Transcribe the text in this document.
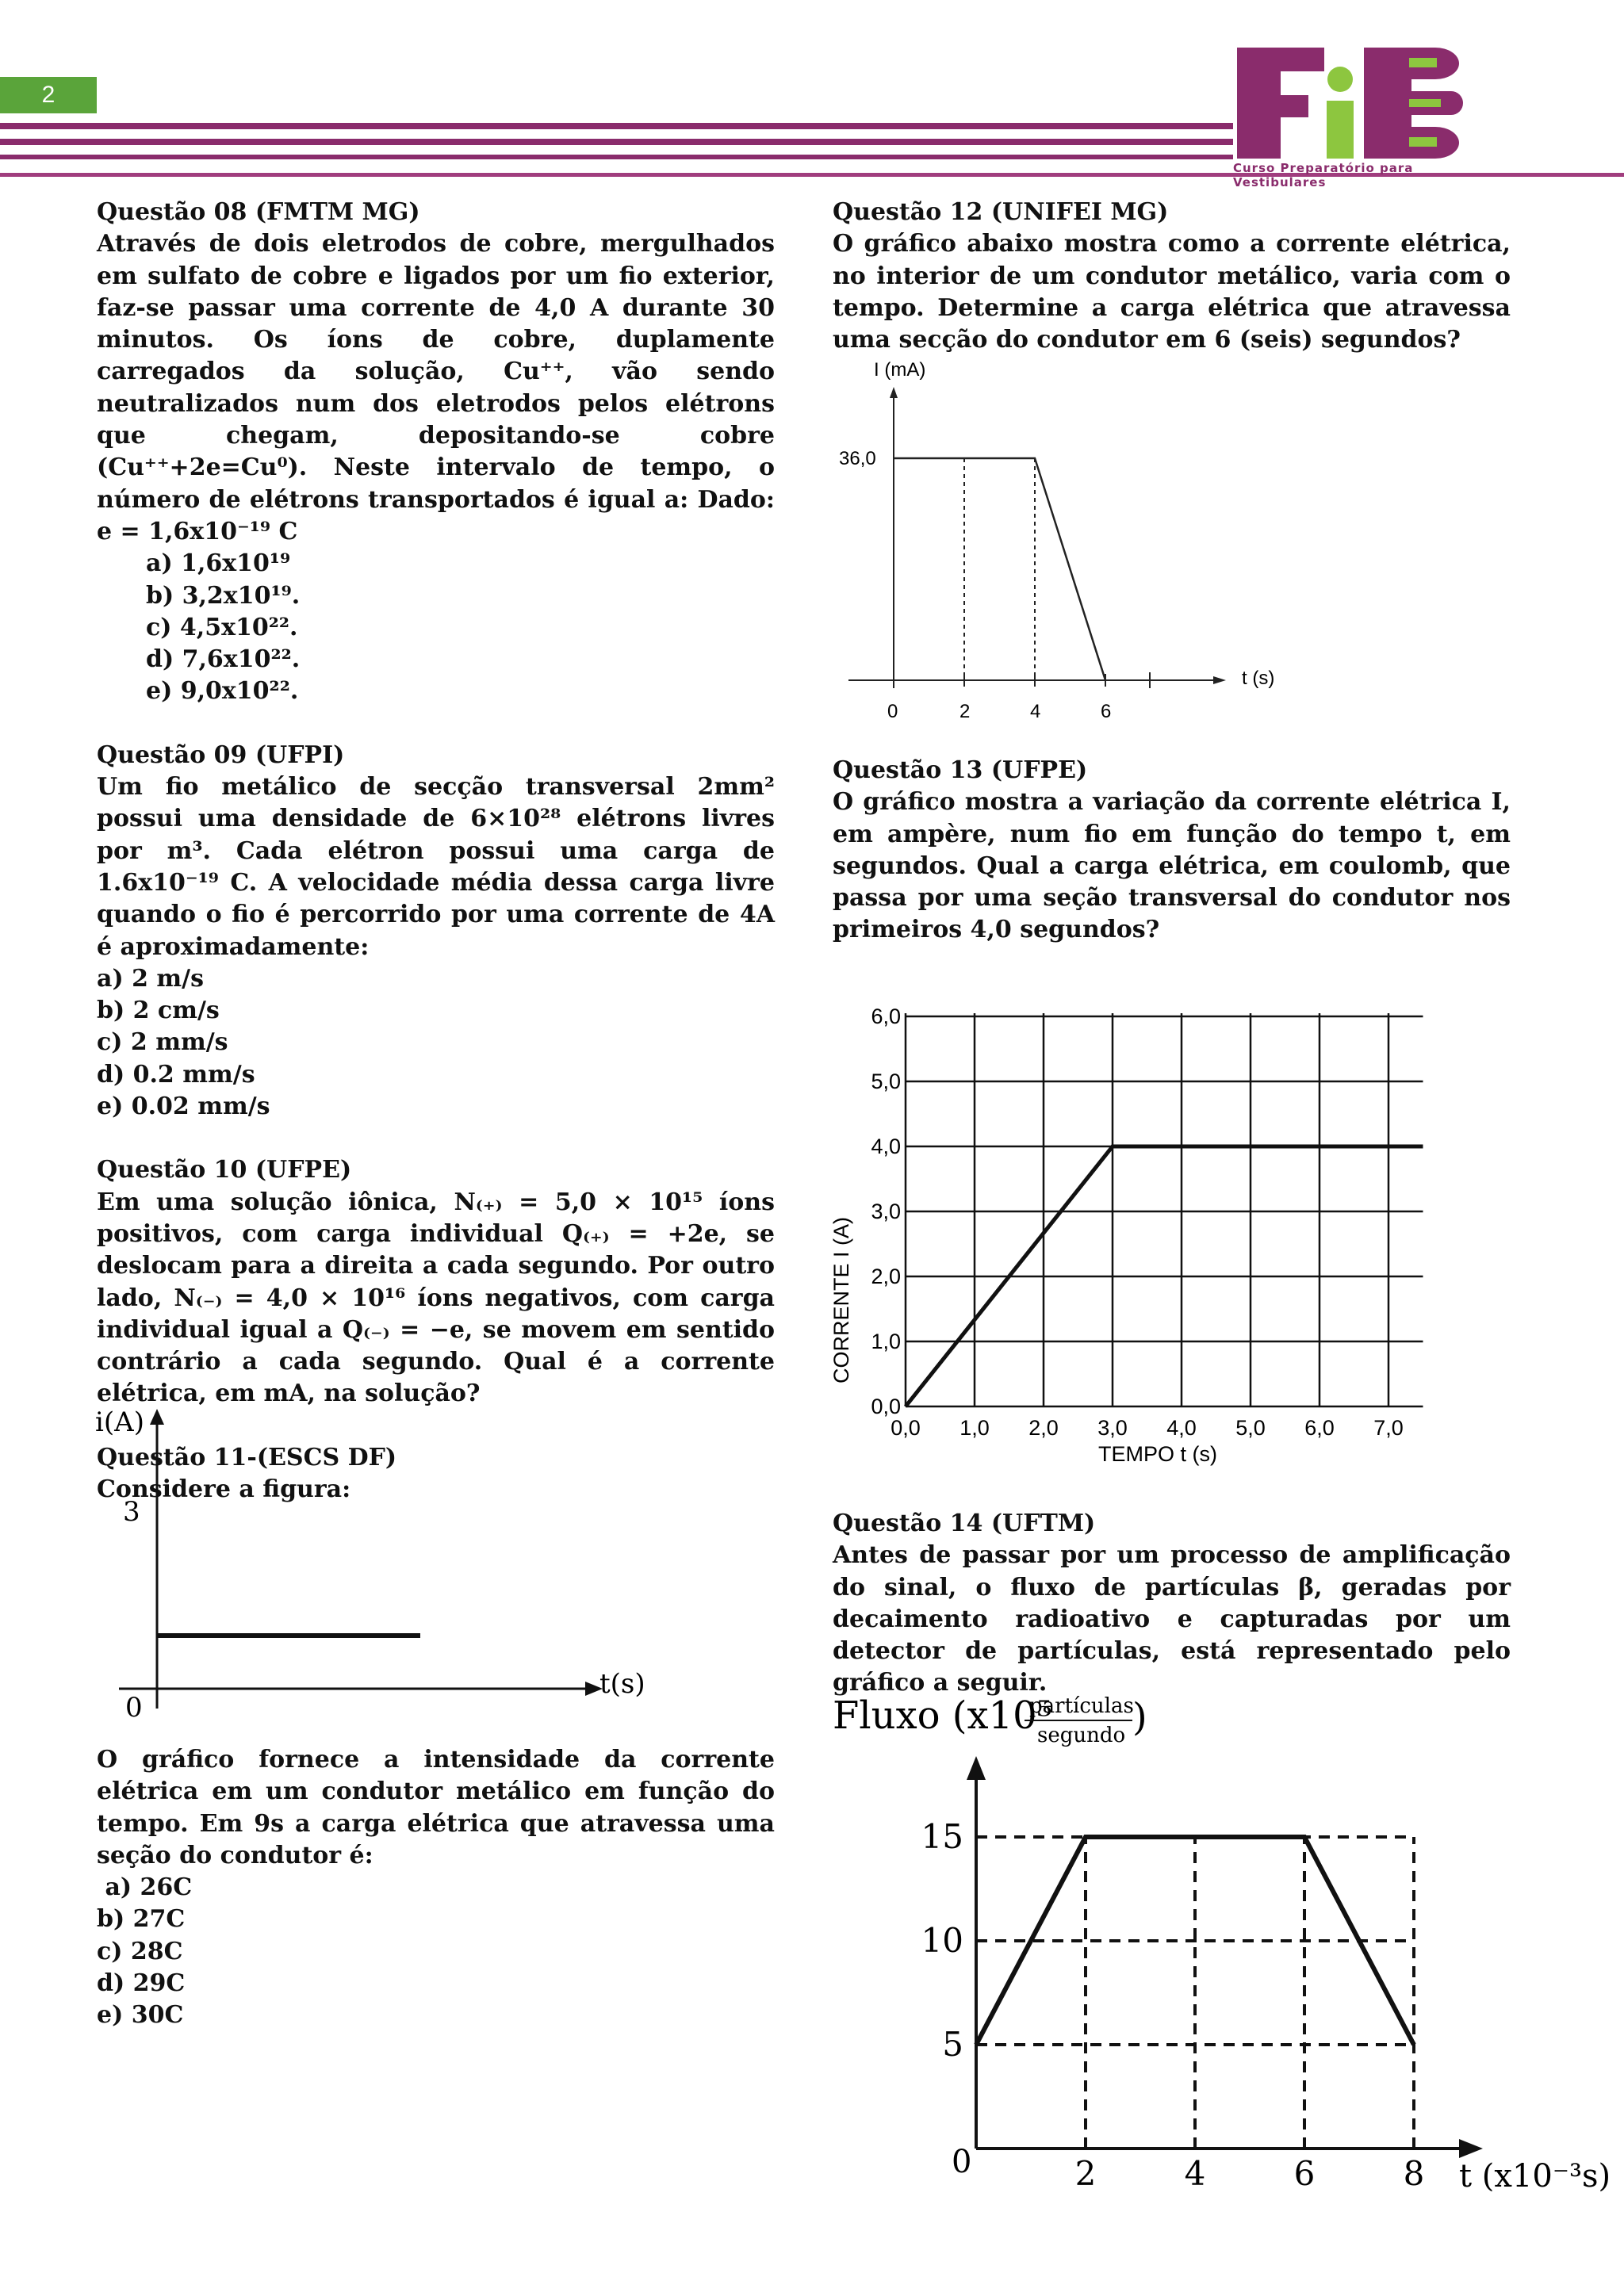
2
Curso Preparatório para Vestibulares
Questão 08 (FMTM MG)
Através de dois eletrodos de cobre, mergulhados em sulfato de cobre e ligados por um fio exterior, faz-se passar uma corrente de 4,0 A durante 30 minutos. Os íons de cobre, duplamente carregados da solução, Cu⁺⁺, vão sendo neutralizados num dos eletrodos pelos elétrons que chegam, depositando-se cobre (Cu⁺⁺+2e=Cu⁰). Neste intervalo de tempo, o número de elétrons transportados é igual a: Dado: e = 1,6x10⁻¹⁹ C
a) 1,6x10¹⁹
b) 3,2x10¹⁹.
c) 4,5x10²².
d) 7,6x10²².
e) 9,0x10²².
Questão 09 (UFPI)
Um fio metálico de secção transversal 2mm² possui uma densidade de 6×10²⁸ elétrons livres por m³. Cada elétron possui uma carga de 1.6x10⁻¹⁹ C. A velocidade média dessa carga livre quando o fio é percorrido por uma corrente de 4A é aproximadamente:
a) 2 m/s
b) 2 cm/s
c) 2 mm/s
d) 0.2 mm/s
e) 0.02 mm/s
Questão 10 (UFPE)
Em uma solução iônica, N₍₊₎ = 5,0 × 10¹⁵ íons positivos, com carga individual Q₍₊₎ = +2e, se deslocam para a direita a cada segundo. Por outro lado, N₍₋₎ = 4,0 × 10¹⁶ íons negativos, com carga individual igual a Q₍₋₎ = −e, se movem em sentido contrário a cada segundo. Qual é a corrente elétrica, em mA, na solução?
Questão 11-(ESCS DF)
Considere a figura:
i(A)
3
0
t(s)
O gráfico fornece a intensidade da corrente elétrica em um condutor metálico em função do tempo. Em 9s a carga elétrica que atravessa uma seção do condutor é:
a) 26C
b) 27C
c) 28C
d) 29C
e) 30C
Questão 12 (UNIFEI MG)
O gráfico abaixo mostra como a corrente elétrica, no interior de um condutor metálico, varia com o tempo. Determine a carga elétrica que atravessa uma secção do condutor em 6 (seis) segundos?
I (mA)
t (s)
0	2	4	6
36,0
Questão 13 (UFPE)
O gráfico mostra a variação da corrente elétrica I, em ampère, num fio em função do tempo t, em segundos. Qual a carga elétrica, em coulomb, que passa por uma seção transversal do condutor nos primeiros 4,0 segundos?
0,0
1,0
2,0
3,0
4,0
5,0
6,0
0,0 1,0 2,0 3,0 4,0 5,0 6,0 7,0
CORRENTE I (A)
TEMPO t (s)
Questão 14 (UFTM)
Antes de passar por um processo de amplificação do sinal, o fluxo de partículas β, geradas por decaimento radioativo e capturadas por um detector de partículas, está representado pelo gráfico a seguir.
Fluxo (x10⁵
partículas
segundo )
0	t (x10⁻³s)
5
10
15
2	4	6	8
